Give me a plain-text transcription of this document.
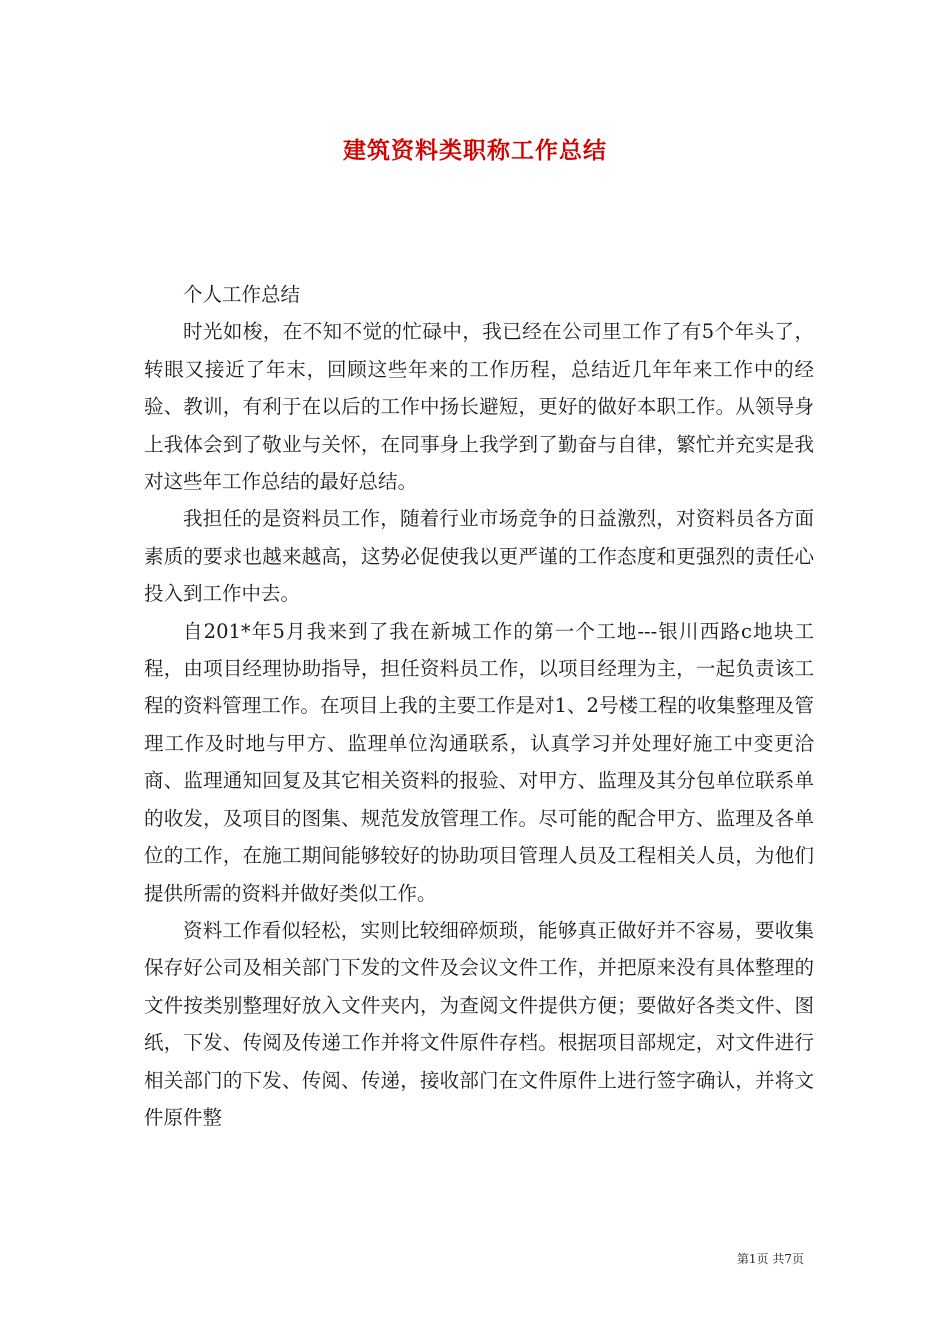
建筑资料类职称工作总结

个人工作总结

时光如梭，在不知不觉的忙碌中，我已经在公司里工作了有5个年头了，转眼又接近了年末，回顾这些年来的工作历程，总结近几年年来工作中的经验、教训，有利于在以后的工作中扬长避短，更好的做好本职工作。从领导身上我体会到了敬业与关怀，在同事身上我学到了勤奋与自律，繁忙并充实是我对这些年工作总结的最好总结。

我担任的是资料员工作，随着行业市场竞争的日益激烈，对资料员各方面素质的要求也越来越高，这势必促使我以更严谨的工作态度和更强烈的责任心投入到工作中去。

自201*年5月我来到了我在新城工作的第一个工地---银川西路c地块工程，由项目经理协助指导，担任资料员工作，以项目经理为主，一起负责该工程的资料管理工作。在项目上我的主要工作是对1、2号楼工程的收集整理及管理工作及时地与甲方、监理单位沟通联系，认真学习并处理好施工中变更洽商、监理通知回复及其它相关资料的报验、对甲方、监理及其分包单位联系单的收发，及项目的图集、规范发放管理工作。尽可能的配合甲方、监理及各单位的工作，在施工期间能够较好的协助项目管理人员及工程相关人员，为他们提供所需的资料并做好类似工作。

资料工作看似轻松，实则比较细碎烦琐，能够真正做好并不容易，要收集保存好公司及相关部门下发的文件及会议文件工作，并把原来没有具体整理的文件按类别整理好放入文件夹内，为查阅文件提供方便；要做好各类文件、图纸，下发、传阅及传递工作并将文件原件存档。根据项目部规定，对文件进行相关部门的下发、传阅、传递，接收部门在文件原件上进行签字确认，并将文件原件整

第1页 共7页
